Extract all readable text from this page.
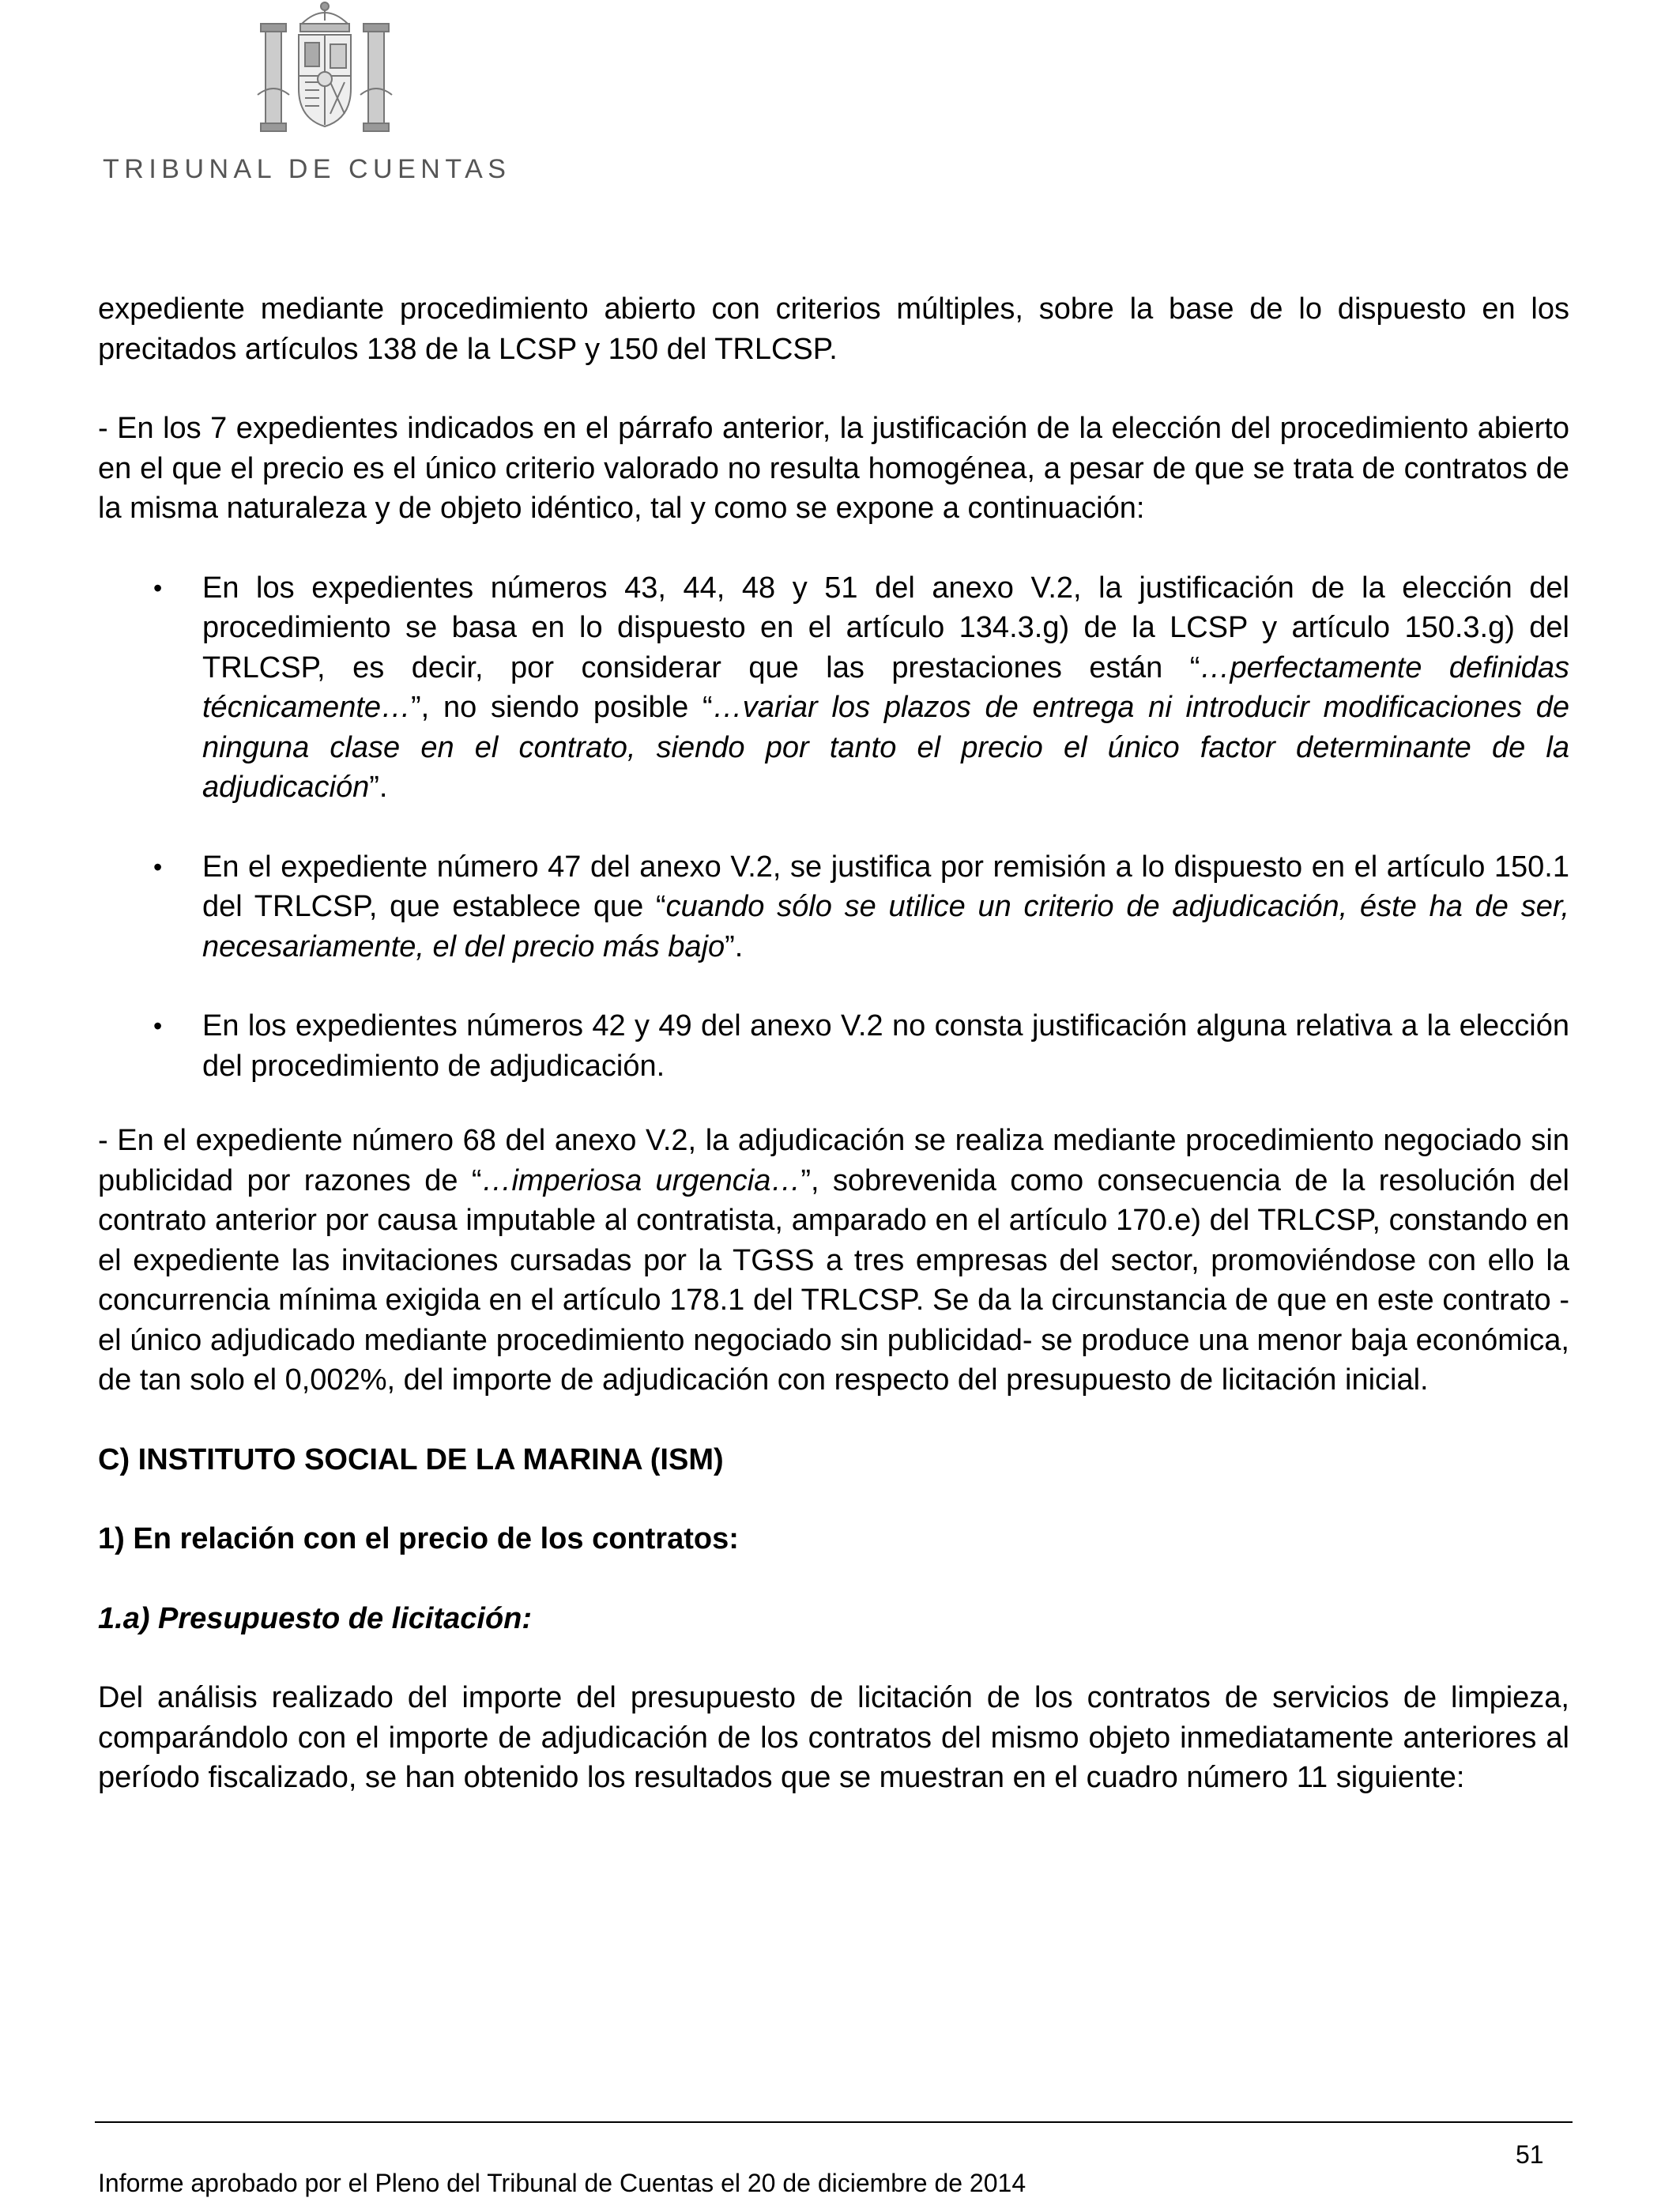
TRIBUNAL DE CUENTAS

expediente mediante procedimiento abierto con criterios múltiples, sobre la base de lo dispuesto en los precitados artículos 138 de la LCSP y 150 del TRLCSP.

- En los 7 expedientes indicados en el párrafo anterior, la justificación de la elección del procedimiento abierto en el que el precio es el único criterio valorado no resulta homogénea, a pesar de que se trata de contratos de la misma naturaleza y de objeto idéntico, tal y como se expone a continuación:

• En los expedientes números 43, 44, 48 y 51 del anexo V.2, la justificación de la elección del procedimiento se basa en lo dispuesto en el artículo 134.3.g) de la LCSP y artículo 150.3.g) del TRLCSP, es decir, por considerar que las prestaciones están “…perfectamente definidas técnicamente…”, no siendo posible “…variar los plazos de entrega ni introducir modificaciones de ninguna clase en el contrato, siendo por tanto el precio el único factor determinante de la adjudicación”.
• En el expediente número 47 del anexo V.2, se justifica por remisión a lo dispuesto en el artículo 150.1 del TRLCSP, que establece que “cuando sólo se utilice un criterio de adjudicación, éste ha de ser, necesariamente, el del precio más bajo”.
• En los expedientes números 42 y 49 del anexo V.2 no consta justificación alguna relativa a la elección del procedimiento de adjudicación.

- En el expediente número 68 del anexo V.2, la adjudicación se realiza mediante procedimiento negociado sin publicidad por razones de “…imperiosa urgencia…”, sobrevenida como consecuencia de la resolución del contrato anterior por causa imputable al contratista, amparado en el artículo 170.e) del TRLCSP, constando en el expediente las invitaciones cursadas por la TGSS a tres empresas del sector, promoviéndose con ello la concurrencia mínima exigida en el artículo 178.1 del TRLCSP. Se da la circunstancia de que en este contrato -el único adjudicado mediante procedimiento negociado sin publicidad- se produce una menor baja económica, de tan solo el 0,002%, del importe de adjudicación con respecto del presupuesto de licitación inicial.

C) INSTITUTO SOCIAL DE LA MARINA (ISM)

1) En relación con el precio de los contratos:

1.a) Presupuesto de licitación:

Del análisis realizado del importe del presupuesto de licitación de los contratos de servicios de limpieza, comparándolo con el importe de adjudicación de los contratos del mismo objeto inmediatamente anteriores al período fiscalizado, se han obtenido los resultados que se muestran en el cuadro número 11 siguiente:

51
Informe aprobado por el Pleno del Tribunal de Cuentas el 20 de diciembre de 2014
